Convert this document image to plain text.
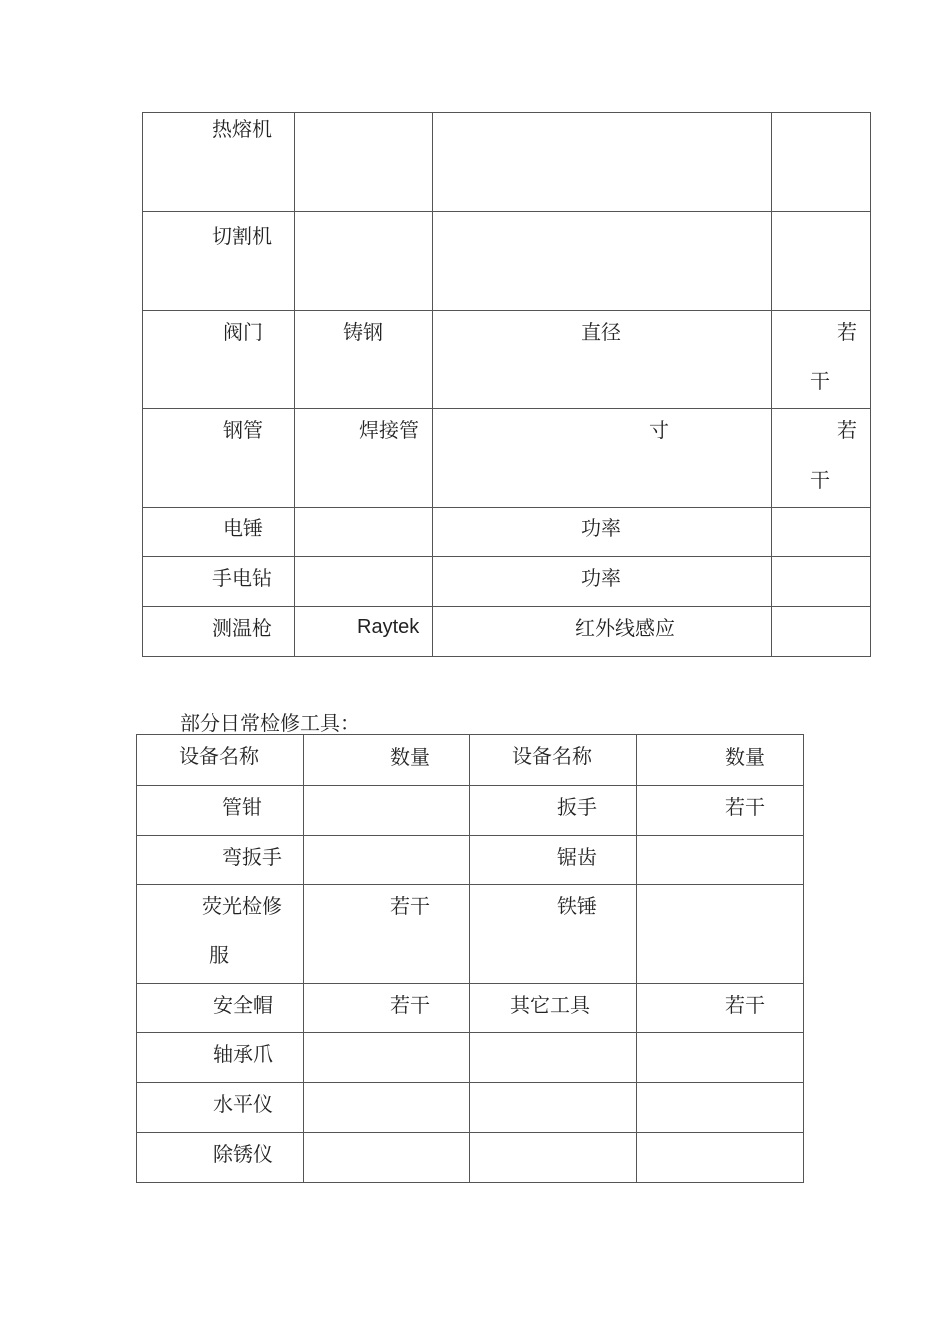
热熔机			

切割机			

阀门	铸钢	直径	若
干

钢管	焊接管	寸	若
干

电锤		功率	

手电钻		功率	

测温枪	Raytek	红外线感应	

部分日常检修工具：
设备名称	数量	设备名称	数量

管钳		扳手	若干

弯扳手		锯齿	

荧光检修
服	若干	铁锤	

安全帽	若干	其它工具	若干

轴承爪			

水平仪			

除锈仪			
